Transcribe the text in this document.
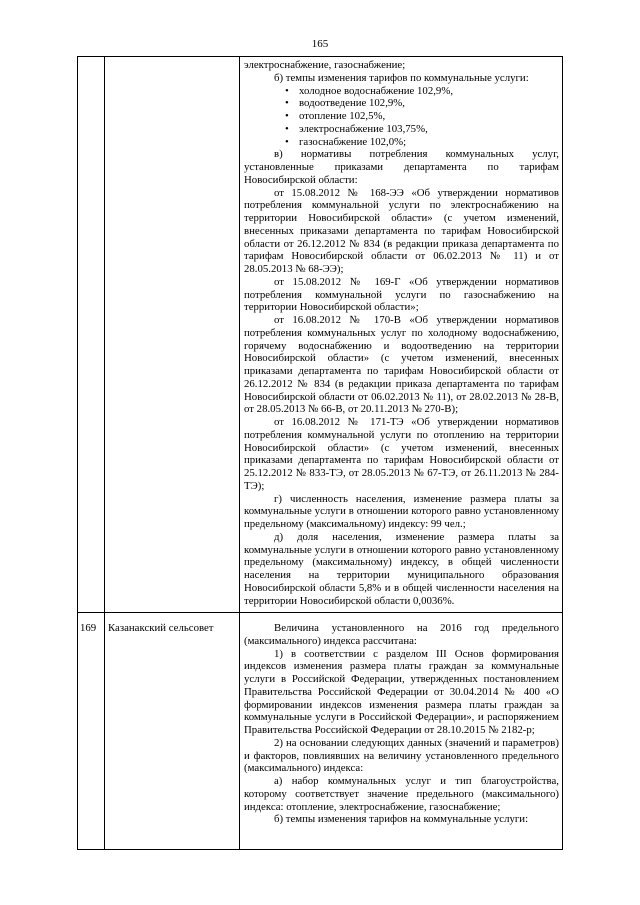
165

электроснабжение, газоснабжение;

б) темпы изменения тарифов по коммунальные услуги:

• холодное водоснабжение 102,9%,
• водоотведение 102,9%,
• отопление 102,5%,
• электроснабжение 103,75%,
• газоснабжение 102,0%;

в) нормативы потребления коммунальных услуг, установленные приказами департамента по тарифам Новосибирской области:

от 15.08.2012 № 168-ЭЭ «Об утверждении нормативов потребления коммунальной услуги по электроснабжению на территории Новосибирской области» (с учетом изменений, внесенных приказами департамента по тарифам Новосибирской области от 26.12.2012 № 834 (в редакции приказа департамента по тарифам Новосибирской области от 06.02.2013 № 11) и от 28.05.2013 № 68-ЭЭ);

от 15.08.2012 № 169-Г «Об утверждении нормативов потребления коммунальной услуги по газоснабжению на территории Новосибирской области»;

от 16.08.2012 № 170-В «Об утверждении нормативов потребления коммунальных услуг по холодному водоснабжению, горячему водоснабжению и водоотведению на территории Новосибирской области» (с учетом изменений, внесенных приказами департамента по тарифам Новосибирской области от 26.12.2012 № 834 (в редакции приказа департамента по тарифам Новосибирской области от 06.02.2013 № 11), от 28.02.2013 № 28-В, от 28.05.2013 № 66-В, от 20.11.2013 № 270-В);

от 16.08.2012 № 171-ТЭ «Об утверждении нормативов потребления коммунальной услуги по отоплению на территории Новосибирской области» (с учетом изменений, внесенных приказами департамента по тарифам Новосибирской области от 25.12.2012 № 833-ТЭ, от 28.05.2013 № 67-ТЭ, от 26.11.2013 № 284-ТЭ);

г) численность населения, изменение размера платы за коммунальные услуги в отношении которого равно установленному предельному (максимальному) индексу: 99 чел.;

д) доля населения, изменение размера платы за коммунальные услуги в отношении которого равно установленному предельному (максимальному) индексу, в общей численности населения на территории муниципального образования Новосибирской области 5,8% и в общей численности населения на территории Новосибирской области 0,0036%.

169	Казанакский сельсовет	Величина установленного на 2016 год предельного (максимального) индекса рассчитана:

1) в соответствии с разделом III Основ формирования индексов изменения размера платы граждан за коммунальные услуги в Российской Федерации, утвержденных постановлением Правительства Российской Федерации от 30.04.2014 № 400 «О формировании индексов изменения размера платы граждан за коммунальные услуги в Российской Федерации», и распоряжением Правительства Российской Федерации от 28.10.2015 № 2182-р;

2) на основании следующих данных (значений и параметров) и факторов, повлиявших на величину установленного предельного (максимального) индекса:

а) набор коммунальных услуг и тип благоустройства, которому соответствует значение предельного (максимального) индекса: отопление, электроснабжение, газоснабжение;

б) темпы изменения тарифов на коммунальные услуги:
